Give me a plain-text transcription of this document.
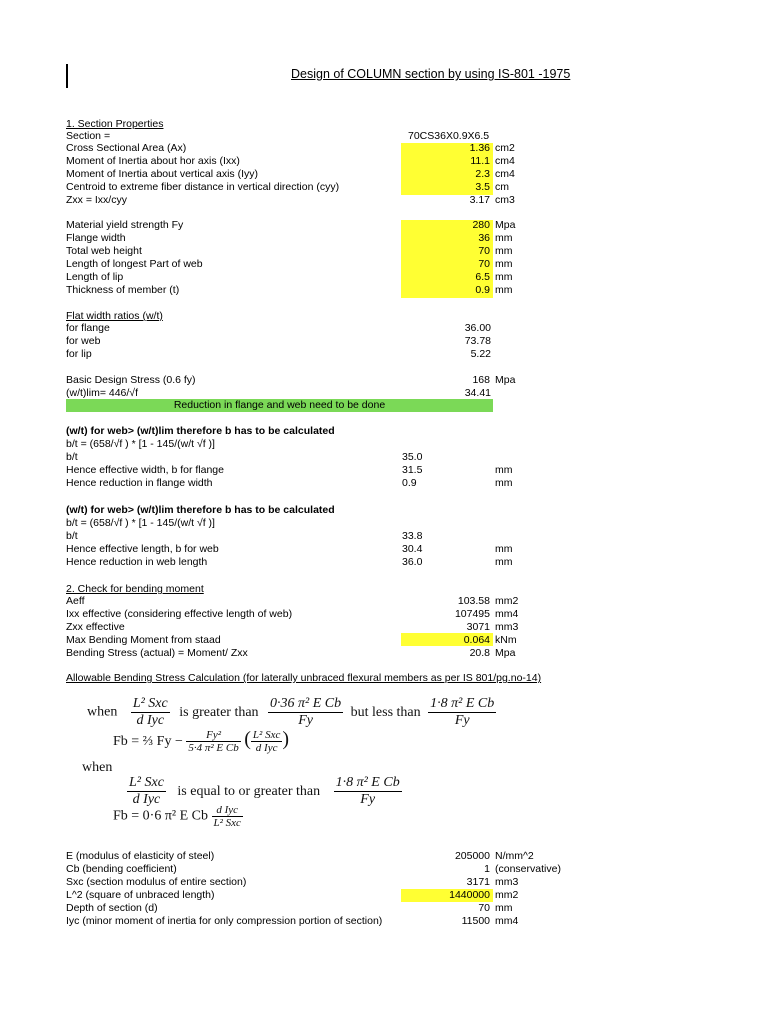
Design of COLUMN section by using IS-801 -1975
1. Section Properties
Section =	70CS36X0.9X6.5
Cross Sectional Area (Ax)	1.36 cm2
Moment of Inertia about hor axis (Ixx)	11.1 cm4
Moment of Inertia about vertical axis (Iyy)	2.3 cm4
Centroid to extreme fiber distance in vertical direction (cyy)	3.5 cm
Zxx = Ixx/cyy	3.17 cm3
Material yield strength Fy	280 Mpa
Flange width	36 mm
Total web height	70 mm
Length of longest Part of web	70 mm
Length of lip	6.5 mm
Thickness of member (t)	0.9 mm
Flat width ratios (w/t)
for flange	36.00
for web	73.78
for lip	5.22
Basic Design Stress (0.6 fy)	168 Mpa
(w/t)lim= 446/√f	34.41
Reduction in flange and web need to be done
(w/t) for web> (w/t)lim therefore b has to be calculated
b/t = (658/√f ) * [1 - 145/(w/t √f )]
b/t	35.0
Hence effective width, b for flange	31.5	mm
Hence reduction in flange width	0.9	mm
(w/t) for web> (w/t)lim therefore b has to be calculated
b/t = (658/√f ) * [1 - 145/(w/t √f )]
b/t	33.8
Hence effective length, b for web	30.4	mm
Hence reduction in web length	36.0	mm
2. Check for bending moment
Aeff	103.58 mm2
Ixx effective (considering effective length of web)	107495 mm4
Zxx effective	3071 mm3
Max Bending Moment from staad	0.064 kNm
Bending Stress (actual) = Moment/ Zxx	20.8 Mpa
Allowable Bending Stress Calculation (for laterally unbraced flexural members as per IS 801/pg.no-14)
when $\frac{\text{L² Sxc}}{\text{d Iyc}}$ is greater than $\frac{\text{0·36 π² E Cb}}{Fy}$ but less than $\frac{\text{1·8 π² E Cb}}{Fy}$
Fb = ⅔ $Fy - \frac{\text{Fy²}}{\text{5·4 π² E Cb}}$ ( $\frac{\text{L² Sxc}}{\text{d Iyc}}$ )
when
$\frac{\text{L² Sxc}}{\text{d Iyc}}$ is equal to or greater than $\frac{\text{1·8 π² E Cb}}{Fy}$
Fb = 0·6 π² E Cb $\frac{\text{d Iyc}}{\text{L² Sxc}}$
E (modulus of elasticity of steel)	205000 N/mm^2
Cb (bending coefficient)	1 (conservative)
Sxc (section modulus of entire section)	3171 mm3
L^2 (square of unbraced length)	1440000 mm2
Depth of section (d)	70 mm
Iyc (minor moment of inertia for only compression portion of section)	11500 mm4
